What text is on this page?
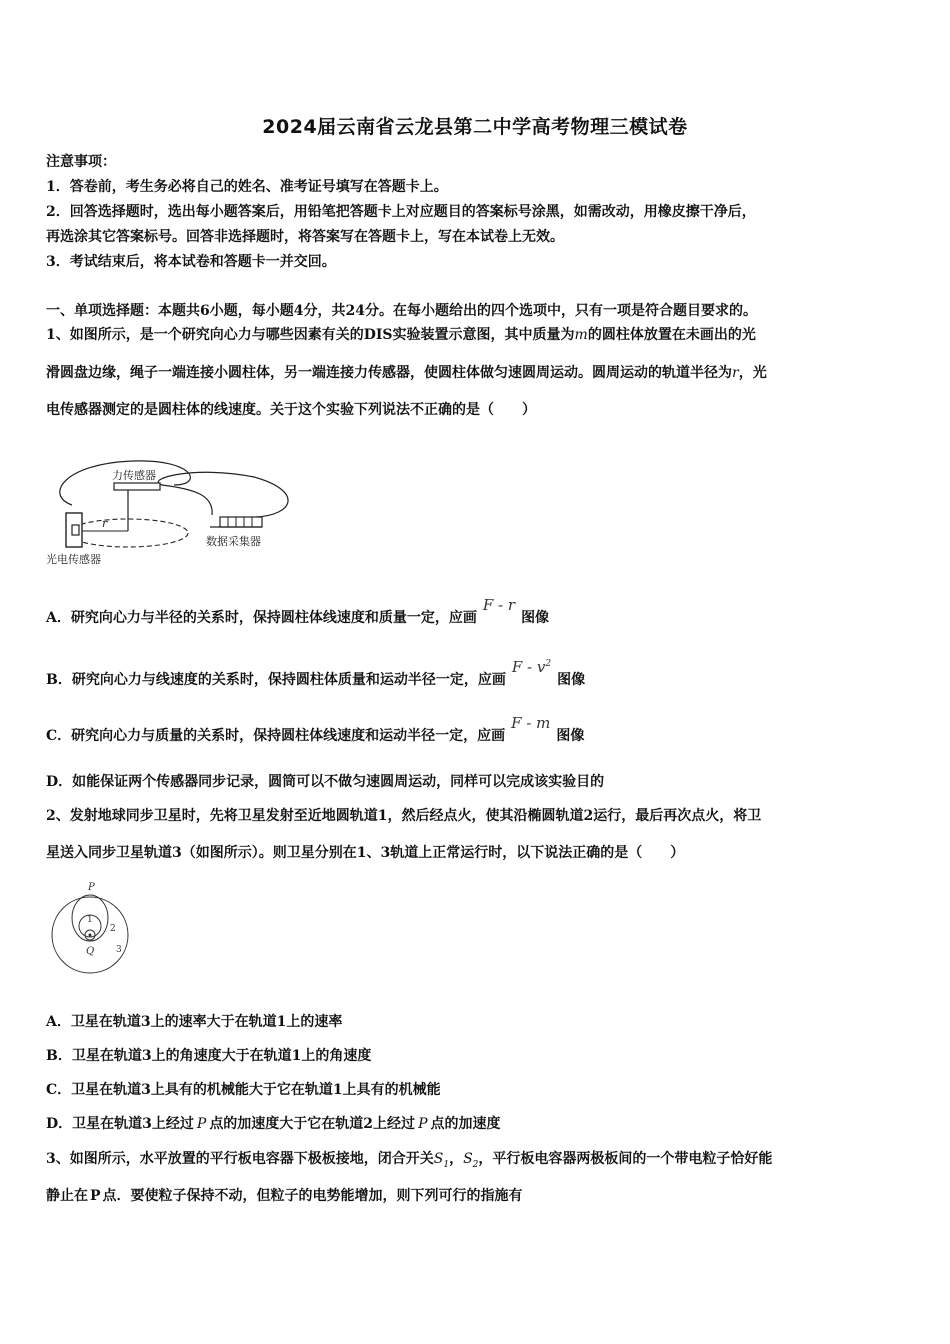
2024届云南省云龙县第二中学高考物理三模试卷
注意事项：
1．答卷前，考生务必将自己的姓名、准考证号填写在答题卡上。
2．回答选择题时，选出每小题答案后，用铅笔把答题卡上对应题目的答案标号涂黑，如需改动，用橡皮擦干净后，
再选涂其它答案标号。回答非选择题时，将答案写在答题卡上，写在本试卷上无效。
3．考试结束后，将本试卷和答题卡一并交回。
一、单项选择题：本题共6小题，每小题4分，共24分。在每小题给出的四个选项中，只有一项是符合题目要求的。
1、如图所示，是一个研究向心力与哪些因素有关的DIS实验装置示意图，其中质量为m的圆柱体放置在未画出的光
滑圆盘边缘，绳子一端连接小圆柱体，另一端连接力传感器，使圆柱体做匀速圆周运动。圆周运动的轨道半径为r，光
电传感器测定的是圆柱体的线速度。关于这个实验下列说法不正确的是（　　）
力传感器
r
光电传感器
数据采集器
A．研究向心力与半径的关系时，保持圆柱体线速度和质量一定，应画F - r图像
B．研究向心力与线速度的关系时，保持圆柱体质量和运动半径一定，应画F - $v^2$图像
C．研究向心力与质量的关系时，保持圆柱体线速度和运动半径一定，应画F - m图像
D．如能保证两个传感器同步记录，圆筒可以不做匀速圆周运动，同样可以完成该实验目的
2、发射地球同步卫星时，先将卫星发射至近地圆轨道1，然后经点火，使其沿椭圆轨道2运行，最后再次点火，将卫
星送入同步卫星轨道3（如图所示）。则卫星分别在1、3轨道上正常运行时，以下说法正确的是（　　）
P
1
2
3
Q
A．卫星在轨道3上的速率大于在轨道1上的速率
B．卫星在轨道3上的角速度大于在轨道1上的角速度
C．卫星在轨道3上具有的机械能大于它在轨道1上具有的机械能
D．卫星在轨道3上经过 P 点的加速度大于它在轨道2上经过 P 点的加速度
3、如图所示，水平放置的平行板电容器下极板接地，闭合开关$S_1$，$S_2$，平行板电容器两极板间的一个带电粒子恰好能
静止在 P 点．要使粒子保持不动，但粒子的电势能增加，则下列可行的指施有
